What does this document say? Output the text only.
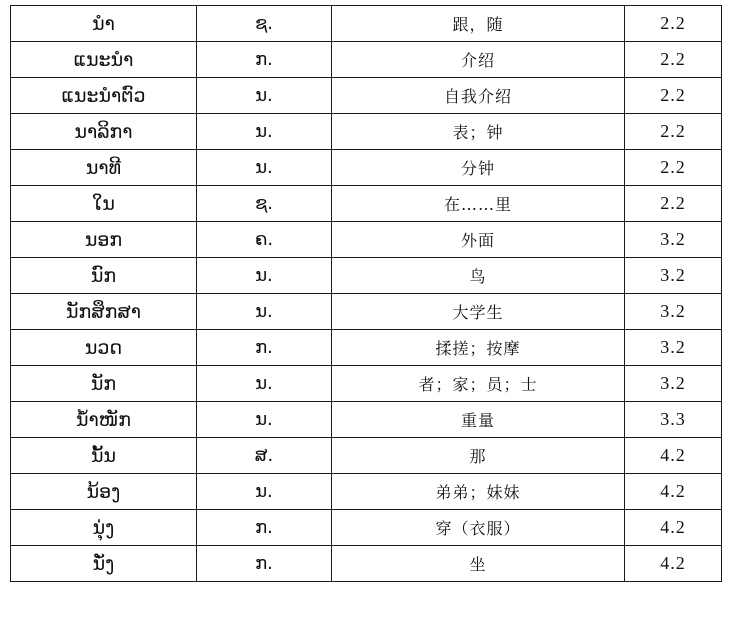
ນຳ	ຊ.	跟，随	2.2
ແນະນຳ	ກ.	介绍	2.2
ແນະນຳຕົວ	ນ.	自我介绍	2.2
ນາລິກາ	ນ.	表；钟	2.2
ນາທີ	ນ.	分钟	2.2
ໃນ	ຊ.	在……里	2.2
ນອກ	ຄ.	外面	3.2
ນົກ	ນ.	鸟	3.2
ນັກສຶກສາ	ນ.	大学生	3.2
ນວດ	ກ.	揉搓；按摩	3.2
ນັກ	ນ.	者；家；员；士	3.2
ນ້ຳໜັກ	ນ.	重量	3.3
ນັ້ນ	ສ.	那	4.2
ນ້ອງ	ນ.	弟弟；妹妹	4.2
ນຸ່ງ	ກ.	穿（衣服）	4.2
ນັ່ງ	ກ.	坐	4.2
